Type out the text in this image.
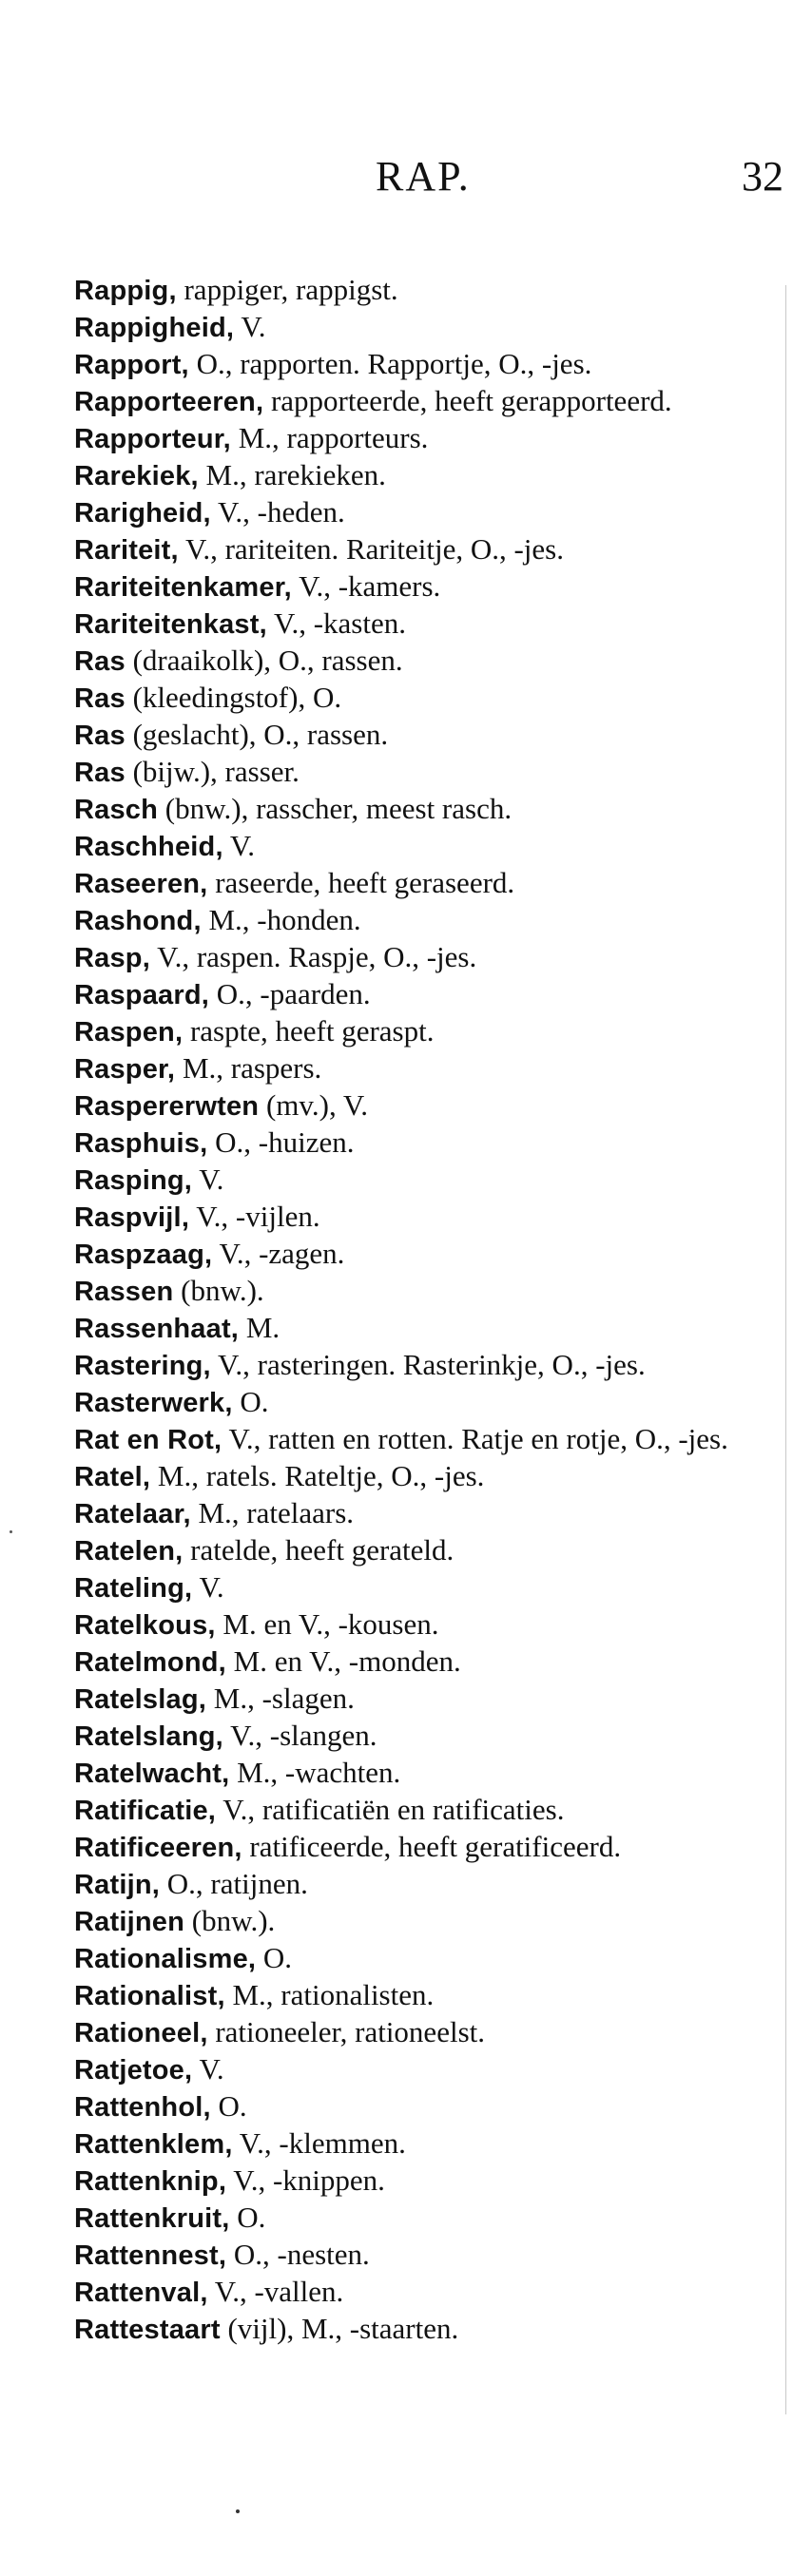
RAP.	32

Rappig, rappiger, rappigst.

Rappigheid, V.

Rapport, O., rapporten. Rapportje, O., -jes.

Rapporteeren, rapporteerde, heeft gerapporteerd.

Rapporteur, M., rapporteurs.

Rarekiek, M., rarekieken.

Rarigheid, V., -heden.

Rariteit, V., rariteiten. Rariteitje, O., -jes.

Rariteitenkamer, V., -kamers.

Rariteitenkast, V., -kasten.

Ras (draaikolk), O., rassen.

Ras (kleedingstof), O.

Ras (geslacht), O., rassen.

Ras (bijw.), rasser.

Rasch (bnw.), rasscher, meest rasch.

Raschheid, V.

Raseeren, raseerde, heeft geraseerd.

Rashond, M., -honden.

Rasp, V., raspen. Raspje, O., -jes.

Raspaard, O., -paarden.

Raspen, raspte, heeft geraspt.

Rasper, M., raspers.

Raspererwten (mv.), V.

Rasphuis, O., -huizen.

Rasping, V.

Raspvijl, V., -vijlen.

Raspzaag, V., -zagen.

Rassen (bnw.).

Rassenhaat, M.

Rastering, V., rasteringen. Rasterinkje, O., -jes.

Rasterwerk, O.

Rat en Rot, V., ratten en rotten. Ratje en rotje, O., -jes.

Ratel, M., ratels. Rateltje, O., -jes.

Ratelaar, M., ratelaars.

Ratelen, ratelde, heeft gerateld.

Rateling, V.

Ratelkous, M. en V., -kousen.

Ratelmond, M. en V., -monden.

Ratelslag, M., -slagen.

Ratelslang, V., -slangen.

Ratelwacht, M., -wachten.

Ratificatie, V., ratificatiën en ratificaties.

Ratificeeren, ratificeerde, heeft geratificeerd.

Ratijn, O., ratijnen.

Ratijnen (bnw.).

Rationalisme, O.

Rationalist, M., rationalisten.

Rationeel, rationeeler, rationeelst.

Ratjetoe, V.

Rattenhol, O.

Rattenklem, V., -klemmen.

Rattenknip, V., -knippen.

Rattenkruit, O.

Rattennest, O., -nesten.

Rattenval, V., -vallen.

Rattestaart (vijl), M., -staarten.
